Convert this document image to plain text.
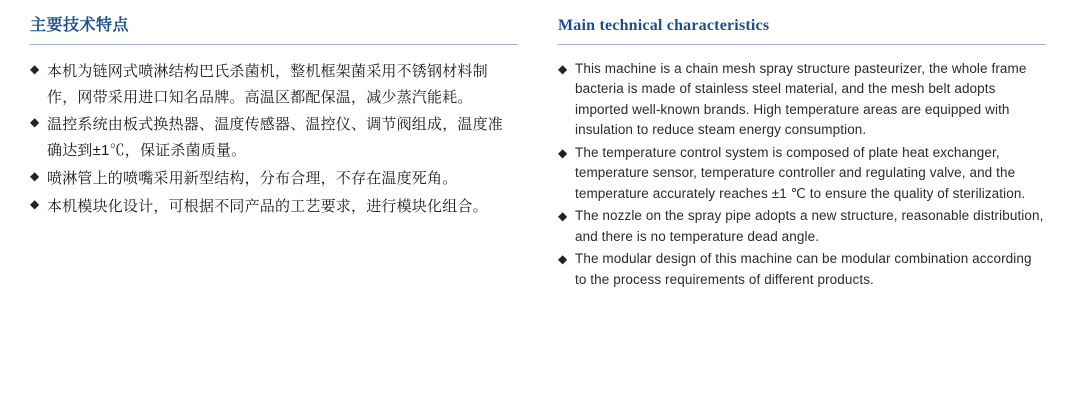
主要技术特点
◆ 本机为链网式喷淋结构巴氏杀菌机，整机框架菌采用不锈钢材料制作，网带采用进口知名品牌。高温区都配保温，减少蒸汽能耗。
◆ 温控系统由板式换热器、温度传感器、温控仪、调节阀组成，温度准确达到±1℃，保证杀菌质量。
◆ 喷淋管上的喷嘴采用新型结构，分布合理，不存在温度死角。
◆ 本机模块化设计，可根据不同产品的工艺要求，进行模块化组合。
Main technical characteristics
◆ This machine is a chain mesh spray structure pasteurizer, the whole frame bacteria is made of stainless steel material, and the mesh belt adopts imported well-known brands. High temperature areas are equipped with insulation to reduce steam energy consumption.
◆ The temperature control system is composed of plate heat exchanger, temperature sensor, temperature controller and regulating valve, and the temperature accurately reaches ±1 ℃ to ensure the quality of sterilization.
◆ The nozzle on the spray pipe adopts a new structure, reasonable distribution, and there is no temperature dead angle.
◆ The modular design of this machine can be modular combination according to the process requirements of different products.
